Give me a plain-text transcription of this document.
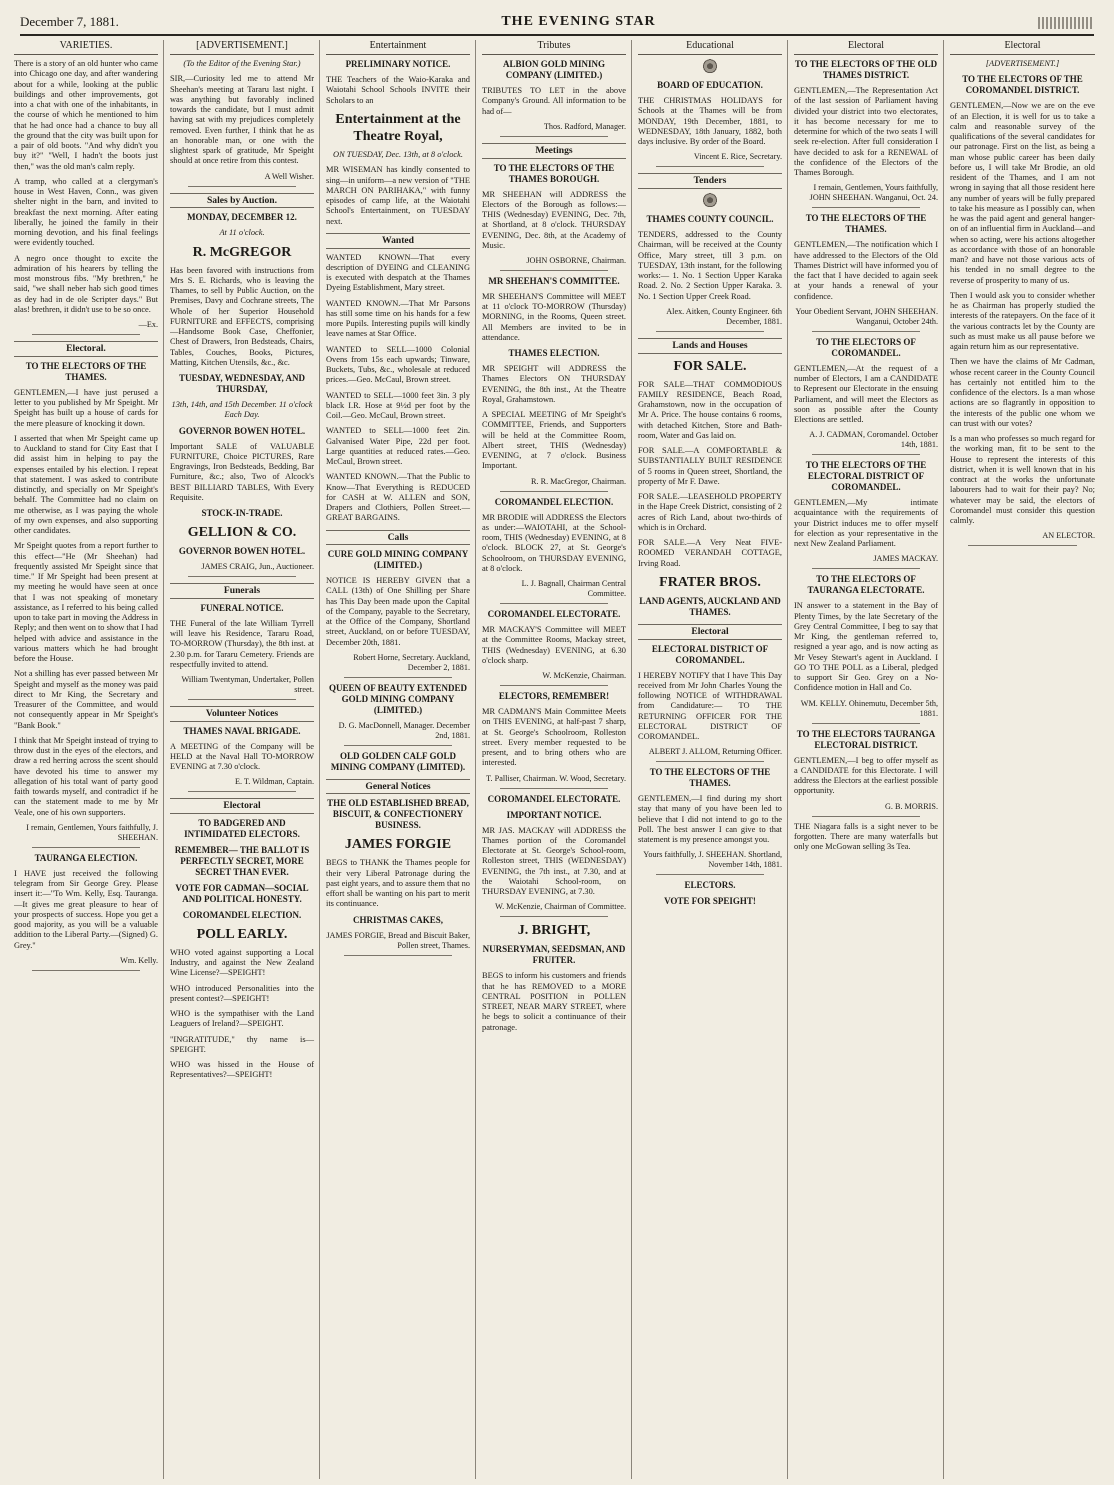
December 7, 1881.	THE EVENING STAR
VARIETIES.

There is a story of an old hunter who came into Chicago one day, and after wandering about for a while, looking at the public buildings and other improvements, got into a chat with one of the inhabitants, in the course of which he mentioned to him that he had once had a chance to buy all the ground that the city was built upon for a pair of old boots. "And why didn't you buy it?" "Well, I hadn't the boots just then," was the old man's calm reply.

A tramp, who called at a clergyman's house in West Haven, Conn., was given shelter night in the barn, and invited to breakfast the next morning. After eating liberally, he joined the family in their morning devotion, and his final feelings were evidently touched.

A negro once thought to excite the admiration of his hearers by telling the most monstrous fibs. "My brethren," he said, "we shall neber hab sich good times as dey had in de ole Scripter days." But alas! brethren, it didn't use to be so once.

—Ex.
Electoral.
TO THE ELECTORS OF THE THAMES.

GENTLEMEN,—I have just perused a letter to you published by Mr Speight. Mr Speight has built up a house of cards for the mere pleasure of knocking it down.

I asserted that when Mr Speight came up to Auckland to stand for City East that I did assist him in helping to pay the expenses entailed by his election. I repeat that statement. I was asked to contribute distinctly, and specially on Mr Speight's behalf. The Committee had no claim on me otherwise, as I was paying the whole of my own expenses, and also supporting other candidates.

Mr Speight quotes from a report further to this effect—"He (Mr Sheehan) had frequently assisted Mr Speight since that time." If Mr Speight had been present at my meeting he would have seen at once that I was not speaking of monetary assistance, as I referred to his being called upon to take part in moving the Address in Reply; and then went on to show that I had helped with advice and assistance in the various matters which he had brought before the House.

Not a shilling has ever passed between Mr Speight and myself as the money was paid direct to Mr King, the Secretary and Treasurer of the Committee, and would not consequently appear in Mr Speight's "Bank Book."

I think that Mr Speight instead of trying to throw dust in the eyes of the electors, and draw a red herring across the scent should have devoted his time to answer my allegation of his total want of party good faith towards myself, and contradict if he can the statement made to me by Mr Veale, one of his own supporters.

I remain, Gentlemen, Yours faithfully, J. SHEEHAN.
TAURANGA ELECTION.

I HAVE just received the following telegram from Sir George Grey. Please insert it:—"To Wm. Kelly, Esq. Tauranga.—It gives me great pleasure to hear of your prospects of success. Hope you get a good majority, as you will be a valuable addition to the Liberal Party.—(Signed) G. Grey."

Wm. Kelly.
[ADVERTISEMENT.]
(To the Editor of the Evening Star.)

SIR,—Curiosity led me to attend Mr Sheehan's meeting at Tararu last night. I was anything but favorably inclined towards the candidate, but I must admit having sat with my prejudices completely removed. Even further, I think that he as an honorable man, or one with the slightest spark of gratitude, Mr Speight should at once retire from this contest.

A Well Wisher.
Sales by Auction.
MONDAY, DECEMBER 12.
At 11 o'clock.
R. McGREGOR

Has been favored with instructions from Mrs S. E. Richards, who is leaving the Thames, to sell by Public Auction, on the Premises, Davy and Cochrane streets, The Whole of her Superior Household FURNITURE and EFFECTS, comprising—Handsome Book Case, Cheffonier, Chest of Drawers, Iron Bedsteads, Chairs, Tables, Couches, Books, Pictures, Matting, Kitchen Utensils, &c., &c.

TUESDAY, WEDNESDAY, AND THURSDAY,
13th, 14th, and 15th December. 11 o'clock Each Day.
GOVERNOR BOWEN HOTEL.

Important SALE of VALUABLE FURNITURE, Choice PICTURES, Rare Engravings, Iron Bedsteads, Bedding, Bar Furniture, &c.; also, Two of Alcock's BEST BILLIARD TABLES, With Every Requisite.

STOCK-IN-TRADE.
GELLION & CO.
GOVERNOR BOWEN HOTEL.
JAMES CRAIG, Jun., Auctioneer.
Funerals
FUNERAL NOTICE.

THE Funeral of the late William Tyrrell will leave his Residence, Tararu Road, TO-MORROW (Thursday), the 8th inst. at 2.30 p.m. for Tararu Cemetery. Friends are respectfully invited to attend.

William Twentyman, Undertaker, Pollen street.
Volunteer Notices
THAMES NAVAL BRIGADE.

A MEETING of the Company will be HELD at the Naval Hall TO-MORROW EVENING at 7.30 o'clock.

E. T. Wildman, Captain.
Electoral
TO BADGERED AND INTIMIDATED ELECTORS.
REMEMBER— THE BALLOT IS PERFECTLY SECRET, MORE SECRET THAN EVER.
VOTE FOR CADMAN—SOCIAL AND POLITICAL HONESTY.
COROMANDEL ELECTION.
POLL EARLY.

WHO voted against supporting a Local Industry, and against the New Zealand Wine License?—SPEIGHT!

WHO introduced Personalities into the present contest?—SPEIGHT!

WHO is the sympathiser with the Land Leaguers of Ireland?—SPEIGHT.

"INGRATITUDE," thy name is—SPEIGHT.

WHO was hissed in the House of Representatives?—SPEIGHT!

Entertainment
PRELIMINARY NOTICE.

THE Teachers of the Waio-Karaka and Waiotahi School Schools INVITE their Scholars to an

Entertainment at the Theatre Royal,
ON TUESDAY, Dec. 13th, at 8 o'clock.

MR WISEMAN has kindly consented to sing—in uniform—a new version of "THE MARCH ON PARIHAKA," with funny episodes of camp life, at the Waiotahi School's Entertainment, on TUESDAY next.

Wanted

WANTED KNOWN—That every description of DYEING and CLEANING is executed with despatch at the Thames Dyeing Establishment, Mary street.

WANTED KNOWN.—That Mr Parsons has still some time on his hands for a few more Pupils. Interesting pupils will kindly leave names at Star Office.

WANTED to SELL—1000 Colonial Ovens from 15s each upwards; Tinware, Buckets, Tubs, &c., wholesale at reduced prices.—Geo. McCaul, Brown street.

WANTED to SELL—1000 feet 3in. 3 ply black I.R. Hose at 9½d per foot by the Coil.—Geo. McCaul, Brown street.

WANTED to SELL—1000 feet 2in. Galvanised Water Pipe, 22d per foot. Large quantities at reduced rates.—Geo. McCaul, Brown street.

WANTED KNOWN.—That the Public to Know—That Everything is REDUCED for CASH at W. ALLEN and SON, Drapers and Clothiers, Pollen Street.—GREAT BARGAINS.

Calls
CURE GOLD MINING COMPANY (LIMITED.)

NOTICE IS HEREBY GIVEN that a CALL (13th) of One Shilling per Share has This Day been made upon the Capital of the Company, payable to the Secretary, at the Office of the Company, Shortland street, Auckland, on or before TUESDAY, December 20th, 1881.

Robert Horne, Secretary. Auckland, December 2, 1881.
QUEEN OF BEAUTY EXTENDED GOLD MINING COMPANY (LIMITED.)
D. G. MacDonnell, Manager. December 2nd, 1881.
OLD GOLDEN CALF GOLD MINING COMPANY (LIMITED).
General Notices
THE OLD ESTABLISHED BREAD, BISCUIT, & CONFECTIONERY BUSINESS.
JAMES FORGIE

BEGS to THANK the Thames people for their very Liberal Patronage during the past eight years, and to assure them that no effort shall be wanting on his part to merit its continuance.

CHRISTMAS CAKES,
JAMES FORGIE, Bread and Biscuit Baker, Pollen street, Thames.
Tributes
ALBION GOLD MINING COMPANY (LIMITED.)

TRIBUTES TO LET in the above Company's Ground. All information to be had of—

Thos. Radford, Manager.
Meetings
TO THE ELECTORS OF THE THAMES BOROUGH.

MR SHEEHAN will ADDRESS the Electors of the Borough as follows:—THIS (Wednesday) EVENING, Dec. 7th, at Shortland, at 8 o'clock. THURSDAY EVENING, Dec. 8th, at the Academy of Music.

JOHN OSBORNE, Chairman.
MR SHEEHAN'S COMMITTEE.

MR SHEEHAN'S Committee will MEET at 11 o'clock TO-MORROW (Thursday) MORNING, in the Rooms, Queen street. All Members are invited to be in attendance.

THAMES ELECTION.

MR SPEIGHT will ADDRESS the Thames Electors ON THURSDAY EVENING, the 8th inst., At the Theatre Royal, Grahamstown.

A SPECIAL MEETING of Mr Speight's COMMITTEE, Friends, and Supporters will be held at the Committee Room, Albert street, THIS (Wednesday) EVENING, at 7 o'clock. Business Important.

R. R. MacGregor, Chairman.
COROMANDEL ELECTION.

MR BRODIE will ADDRESS the Electors as under:—WAIOTAHI, at the School-room, THIS (Wednesday) EVENING, at 8 o'clock. BLOCK 27, at St. George's Schoolroom, on THURSDAY EVENING, at 8 o'clock.

L. J. Bagnall, Chairman Central Committee.
COROMANDEL ELECTORATE.

MR MACKAY'S Committee will MEET at the Committee Rooms, Mackay street, THIS (Wednesday) EVENING, at 6.30 o'clock sharp.

W. McKenzie, Chairman.
ELECTORS, REMEMBER!

MR CADMAN'S Main Committee Meets on THIS EVENING, at half-past 7 sharp, at St. George's Schoolroom, Rolleston street. Every member requested to be present, and to bring others who are interested.

T. Palliser, Chairman. W. Wood, Secretary.
COROMANDEL ELECTORATE.
IMPORTANT NOTICE.

MR JAS. MACKAY will ADDRESS the Thames portion of the Coromandel Electorate at St. George's School-room, Rolleston street, THIS (WEDNESDAY) EVENING, the 7th inst., at 7.30, and at the Waiotahi School-room, on THURSDAY EVENING, at 7.30.

W. McKenzie, Chairman of Committee.
J. BRIGHT,
NURSERYMAN, SEEDSMAN, AND FRUITER.

BEGS to inform his customers and friends that he has REMOVED to a MORE CENTRAL POSITION in POLLEN STREET, NEAR MARY STREET, where he begs to solicit a continuance of their patronage.

Educational
BOARD OF EDUCATION.

THE CHRISTMAS HOLIDAYS for Schools at the Thames will be from MONDAY, 19th December, 1881, to WEDNESDAY, 18th January, 1882, both days inclusive. By order of the Board.

Vincent E. Rice, Secretary.
Tenders
THAMES COUNTY COUNCIL.

TENDERS, addressed to the County Chairman, will be received at the County Office, Mary street, till 3 p.m. on TUESDAY, 13th instant, for the following works:— 1. No. 1 Section Upper Karaka Road. 2. No. 2 Section Upper Karaka. 3. No. 1 Section Upper Creek Road.

Alex. Aitken, County Engineer. 6th December, 1881.
Lands and Houses
FOR SALE.

FOR SALE—THAT COMMODIOUS FAMILY RESIDENCE, Beach Road, Grahamstown, now in the occupation of Mr A. Price. The house contains 6 rooms, with detached Kitchen, Store and Bath-room, Water and Gas laid on.

FOR SALE.—A COMFORTABLE & SUBSTANTIALLY BUILT RESIDENCE of 5 rooms in Queen street, Shortland, the property of Mr F. Dawe.

FOR SALE.—LEASEHOLD PROPERTY in the Hape Creek District, consisting of 2 acres of Rich Land, about two-thirds of which is in Orchard.

FOR SALE.—A Very Neat FIVE-ROOMED VERANDAH COTTAGE, Irving Road.

FRATER BROS.
LAND AGENTS, AUCKLAND AND THAMES.
Electoral
ELECTORAL DISTRICT OF COROMANDEL.

I HEREBY NOTIFY that I have This Day received from Mr John Charles Young the following NOTICE of WITHDRAWAL from Candidature:— TO THE RETURNING OFFICER FOR THE ELECTORAL DISTRICT OF COROMANDEL.

ALBERT J. ALLOM, Returning Officer.
TO THE ELECTORS OF THE THAMES.

GENTLEMEN,—I find during my short stay that many of you have been led to believe that I did not intend to go to the Poll. The best answer I can give to that statement is my presence amongst you.

Yours faithfully, J. SHEEHAN. Shortland, November 14th, 1881.
ELECTORS.
VOTE FOR SPEIGHT!
Electoral
TO THE ELECTORS OF THE OLD THAMES DISTRICT.

GENTLEMEN,—The Representation Act of the last session of Parliament having divided your district into two electorates, it has become necessary for me to determine for which of the two seats I will seek re-election. After full consideration I have decided to ask for a RENEWAL of the confidence of the Electors of the Thames Borough.

I remain, Gentlemen, Yours faithfully, JOHN SHEEHAN. Wanganui, Oct. 24.
TO THE ELECTORS OF THE THAMES.

GENTLEMEN,—The notification which I have addressed to the Electors of the Old Thames District will have informed you of the fact that I have decided to again seek at your hands a renewal of your confidence.

Your Obedient Servant, JOHN SHEEHAN. Wanganui, October 24th.
TO THE ELECTORS OF COROMANDEL.

GENTLEMEN,—At the request of a number of Electors, I am a CANDIDATE to Represent our Electorate in the ensuing Parliament, and will meet the Electors as soon as possible after the County Elections are settled.

A. J. CADMAN, Coromandel. October 14th, 1881.
TO THE ELECTORS OF THE ELECTORAL DISTRICT OF COROMANDEL.

GENTLEMEN,—My intimate acquaintance with the requirements of your District induces me to offer myself for election as your representative in the next New Zealand Parliament.

JAMES MACKAY.
TO THE ELECTORS OF TAURANGA ELECTORATE.

IN answer to a statement in the Bay of Plenty Times, by the late Secretary of the Grey Central Committee, I beg to say that Mr King, the gentleman referred to, resigned a year ago, and is now acting as Mr Vesey Stewart's agent in Auckland. I GO TO THE POLL as a Liberal, pledged to support Sir Geo. Grey on a No-Confidence motion in Hall and Co.

WM. KELLY. Ohinemutu, December 5th, 1881.
TO THE ELECTORS TAURANGA ELECTORAL DISTRICT.

GENTLEMEN,—I beg to offer myself as a CANDIDATE for this Electorate. I will address the Electors at the earliest possible opportunity.

G. B. MORRIS.

THE Niagara falls is a sight never to be forgotten. There are many waterfalls but only one McGowan selling 3s Tea.

Electoral
[ADVERTISEMENT.]
TO THE ELECTORS OF THE COROMANDEL DISTRICT.

GENTLEMEN,—Now we are on the eve of an Election, it is well for us to take a calm and reasonable survey of the qualifications of the several candidates for our patronage. First on the list, as being a man whose public career has been daily before us, I will take Mr Brodie, an old resident of the Thames, and I am not wrong in saying that all those resident here any number of years will be fully prepared to take his measure as I possibly can, when he was the paid agent and general hanger-on of an influential firm in Auckland—and when so acting, were his actions altogether as accordance with those of an honorable man? and have not those various acts of his tended in no small degree to the reverse of prosperity to many of us.

Then I would ask you to consider whether he as Chairman has properly studied the interests of the ratepayers. On the face of it the various contracts let by the County are such as must make us all pause before we again return him as our representative.

Then we have the claims of Mr Cadman, whose recent career in the County Council has certainly not entitled him to the confidence of the electors. Is a man whose actions are so flagrantly in opposition to the interests of the public one whom we can trust with our votes?

Is a man who professes so much regard for the working man, fit to be sent to the House to represent the interests of this district, when it is well known that in his contract at the works the unfortunate labourers had to wait for their pay? No; whatever may be said, the electors of Coromandel must consider this question calmly.

AN ELECTOR.
